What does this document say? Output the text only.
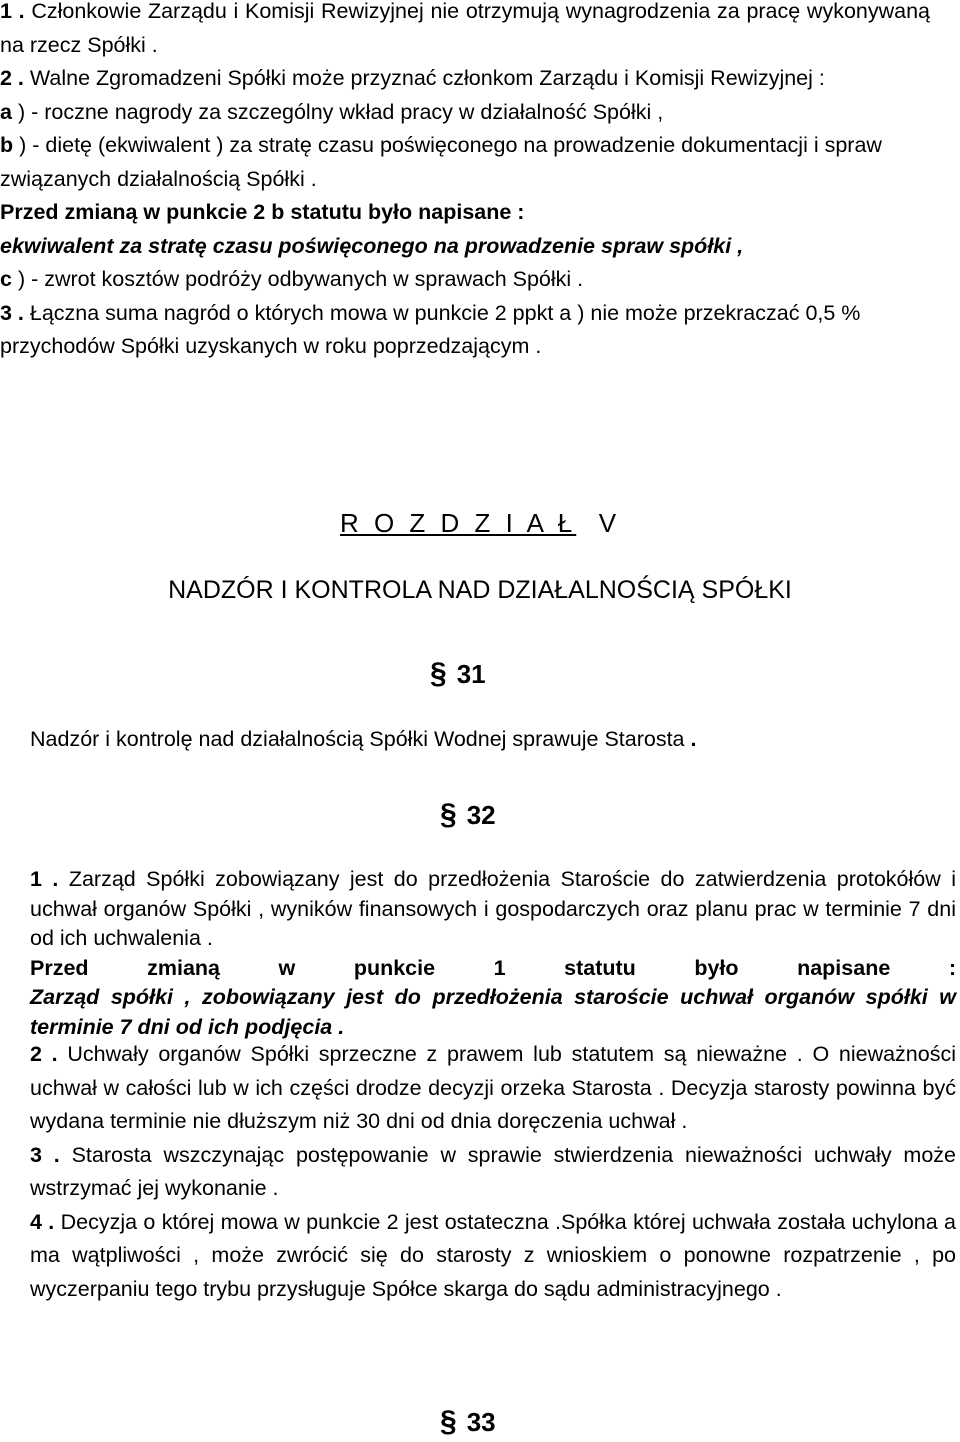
1 . Członkowie Zarządu i Komisji Rewizyjnej nie otrzymują wynagrodzenia za pracę wykonywaną na rzecz Spółki .

2 . Walne Zgromadzeni Spółki może przyznać członkom Zarządu i Komisji Rewizyjnej :

a ) - roczne nagrody za szczególny wkład pracy w działalność Spółki ,

b ) - dietę (ekwiwalent ) za stratę czasu poświęconego na prowadzenie dokumentacji i spraw związanych działalnością Spółki .

Przed zmianą w punkcie 2 b statutu było napisane :

ekwiwalent za stratę czasu poświęconego na prowadzenie spraw spółki ,

c ) - zwrot kosztów podróży odbywanych w sprawach Spółki .

3 . Łączna suma nagród o których mowa w punkcie 2 ppkt a ) nie może przekraczać 0,5 % przychodów Spółki uzyskanych w roku poprzedzającym .

R O Z D Z I A Ł V
NADZÓR I KONTROLA NAD DZIAŁALNOŚCIĄ SPÓŁKI
§ 31

Nadzór i kontrolę nad działalnością Spółki Wodnej sprawuje Starosta .

§ 32

1 . Zarząd Spółki zobowiązany jest do przedłożenia Staroście do zatwierdzenia protokółów i uchwał organów Spółki , wyników finansowych i gospodarczych oraz planu prac w terminie 7 dni od ich uchwalenia .

Przed zmianą w punkcie 1 statutu było napisane :

Zarząd spółki , zobowiązany jest do przedłożenia staroście uchwał organów spółki w terminie 7 dni od ich podjęcia .

2 . Uchwały organów Spółki sprzeczne z prawem lub statutem są nieważne . O nieważności uchwał w całości lub w ich części drodze decyzji orzeka Starosta . Decyzja starosty powinna być wydana terminie nie dłuższym niż 30 dni od dnia doręczenia uchwał .

3 . Starosta wszczynając postępowanie w sprawie stwierdzenia nieważności uchwały może wstrzymać jej wykonanie .

4 . Decyzja o której mowa w punkcie 2 jest ostateczna .Spółka której uchwała została uchylona a ma wątpliwości , może zwrócić się do starosty z wnioskiem o ponowne rozpatrzenie , po wyczerpaniu tego trybu przysługuje Spółce skarga do sądu administracyjnego .

§ 33
